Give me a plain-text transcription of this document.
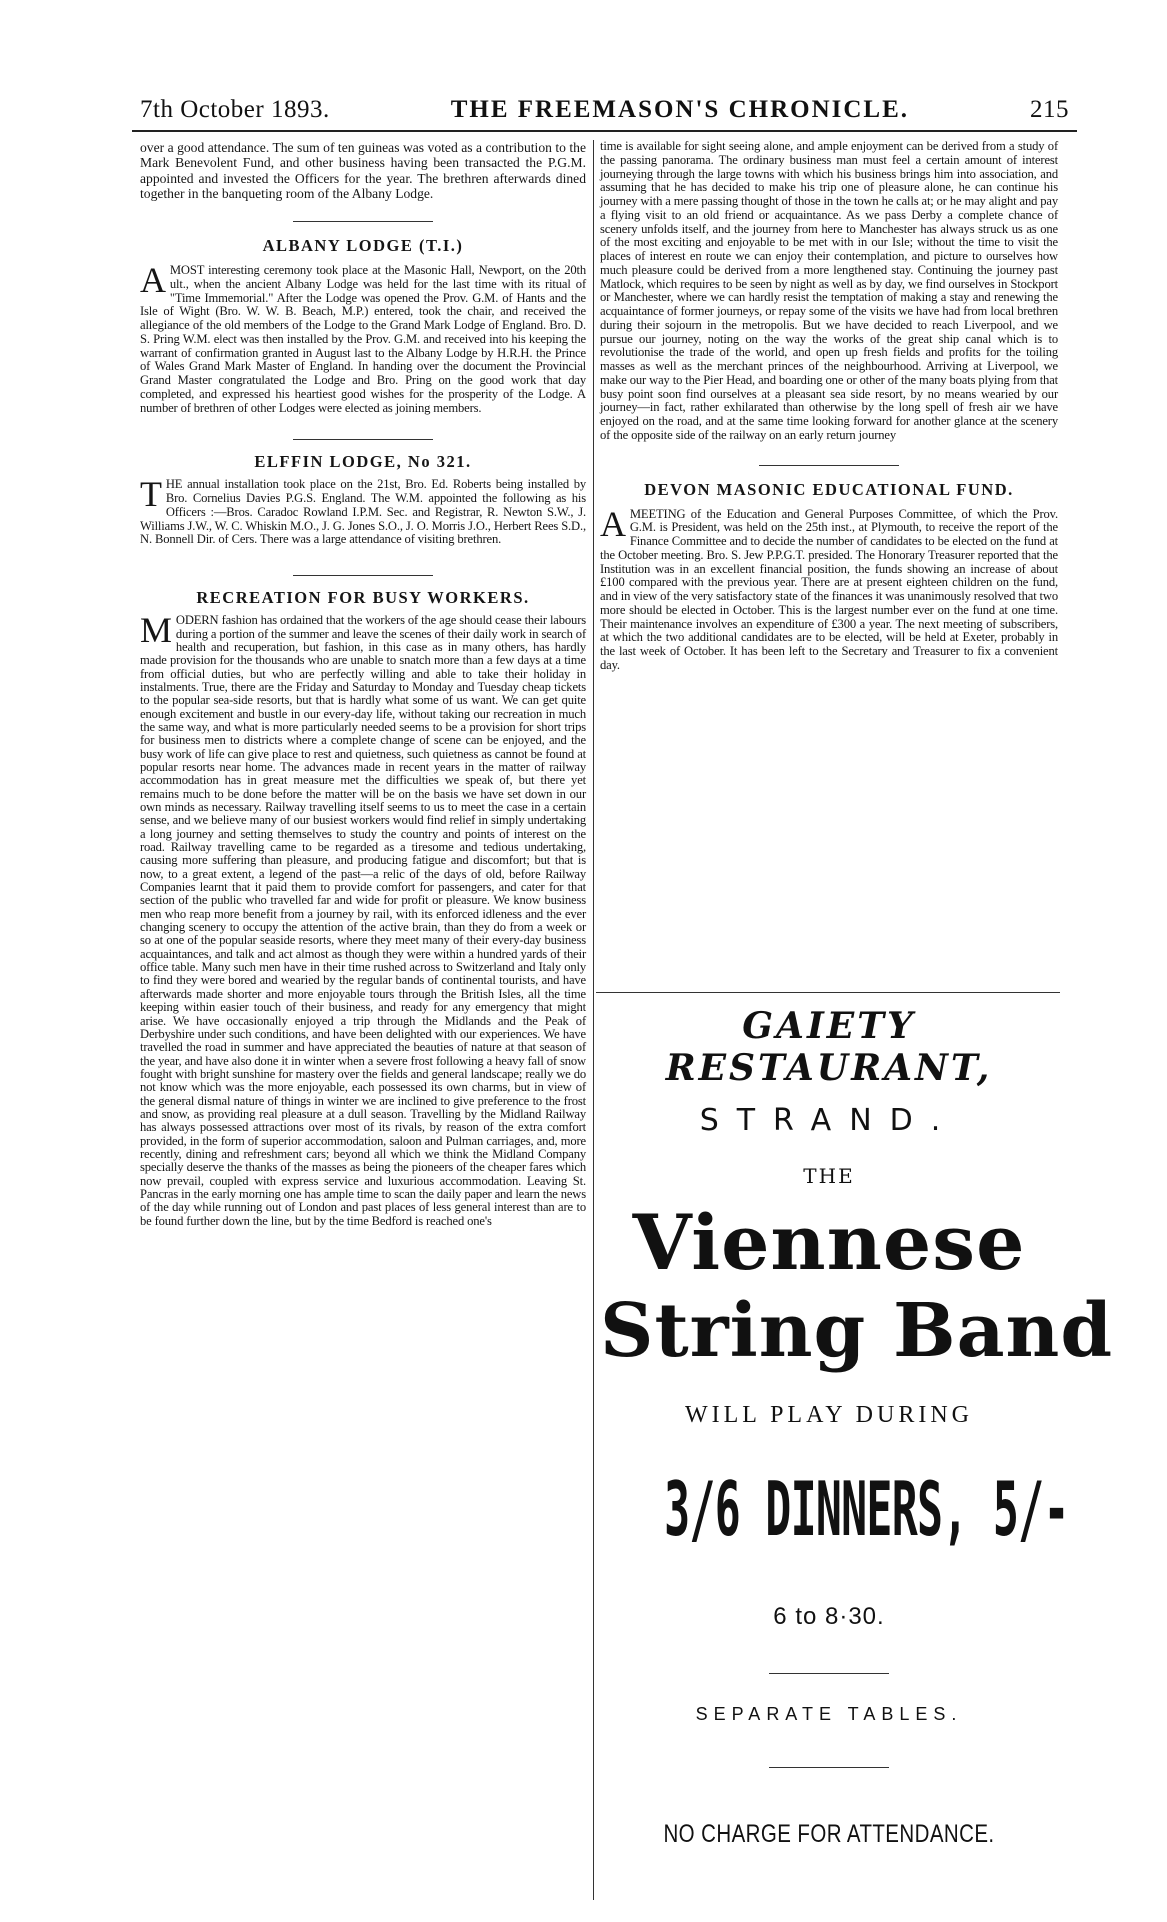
7th October 1893.	THE FREEMASON'S CHRONICLE.	215

over a good attendance. The sum of ten guineas was voted as a contribution to the Mark Benevolent Fund, and other business having been transacted the P.G.M. appointed and invested the Officers for the year. The brethren afterwards dined together in the banqueting room of the Albany Lodge.

ALBANY LODGE (T.I.)

AMOST interesting ceremony took place at the Masonic Hall, Newport, on the 20th ult., when the ancient Albany Lodge was held for the last time with its ritual of "Time Immemorial." After the Lodge was opened the Prov. G.M. of Hants and the Isle of Wight (Bro. W. W. B. Beach, M.P.) entered, took the chair, and received the allegiance of the old members of the Lodge to the Grand Mark Lodge of England. Bro. D. S. Pring W.M. elect was then installed by the Prov. G.M. and received into his keeping the warrant of confirmation granted in August last to the Albany Lodge by H.R.H. the Prince of Wales Grand Mark Master of England. In handing over the document the Provincial Grand Master congratulated the Lodge and Bro. Pring on the good work that day completed, and expressed his heartiest good wishes for the prosperity of the Lodge. A number of brethren of other Lodges were elected as joining members.

ELFFIN LODGE, No 321.

THE annual installation took place on the 21st, Bro. Ed. Roberts being installed by Bro. Cornelius Davies P.G.S. England. The W.M. appointed the following as his Officers :—Bros. Caradoc Rowland I.P.M. Sec. and Registrar, R. Newton S.W., J. Williams J.W., W. C. Whiskin M.O., J. G. Jones S.O., J. O. Morris J.O., Herbert Rees S.D., N. Bonnell Dir. of Cers. There was a large attendance of visiting brethren.

RECREATION FOR BUSY WORKERS.

MODERN fashion has ordained that the workers of the age should cease their labours during a portion of the summer and leave the scenes of their daily work in search of health and recuperation, but fashion, in this case as in many others, has hardly made provision for the thousands who are unable to snatch more than a few days at a time from official duties, but who are perfectly willing and able to take their holiday in instalments. True, there are the Friday and Saturday to Monday and Tuesday cheap tickets to the popular sea-side resorts, but that is hardly what some of us want. We can get quite enough excitement and bustle in our every-day life, without taking our recreation in much the same way, and what is more particularly needed seems to be a provision for short trips for business men to districts where a complete change of scene can be enjoyed, and the busy work of life can give place to rest and quietness, such quietness as cannot be found at popular resorts near home. The advances made in recent years in the matter of railway accommodation has in great measure met the difficulties we speak of, but there yet remains much to be done before the matter will be on the basis we have set down in our own minds as necessary. Railway travelling itself seems to us to meet the case in a certain sense, and we believe many of our busiest workers would find relief in simply undertaking a long journey and setting themselves to study the country and points of interest on the road. Railway travelling came to be regarded as a tiresome and tedious undertaking, causing more suffering than pleasure, and producing fatigue and discomfort; but that is now, to a great extent, a legend of the past—a relic of the days of old, before Railway Companies learnt that it paid them to provide comfort for passengers, and cater for that section of the public who travelled far and wide for profit or pleasure. We know business men who reap more benefit from a journey by rail, with its enforced idleness and the ever changing scenery to occupy the attention of the active brain, than they do from a week or so at one of the popular seaside resorts, where they meet many of their every-day business acquaintances, and talk and act almost as though they were within a hundred yards of their office table. Many such men have in their time rushed across to Switzerland and Italy only to find they were bored and wearied by the regular bands of continental tourists, and have afterwards made shorter and more enjoyable tours through the British Isles, all the time keeping within easier touch of their business, and ready for any emergency that might arise. We have occasionally enjoyed a trip through the Midlands and the Peak of Derbyshire under such conditions, and have been delighted with our experiences. We have travelled the road in summer and have appreciated the beauties of nature at that season of the year, and have also done it in winter when a severe frost following a heavy fall of snow fought with bright sunshine for mastery over the fields and general landscape; really we do not know which was the more enjoyable, each possessed its own charms, but in view of the general dismal nature of things in winter we are inclined to give preference to the frost and snow, as providing real pleasure at a dull season. Travelling by the Midland Railway has always possessed attractions over most of its rivals, by reason of the extra comfort provided, in the form of superior accommodation, saloon and Pulman carriages, and, more recently, dining and refreshment cars; beyond all which we think the Midland Company specially deserve the thanks of the masses as being the pioneers of the cheaper fares which now prevail, coupled with express service and luxurious accommodation. Leaving St. Pancras in the early morning one has ample time to scan the daily paper and learn the news of the day while running out of London and past places of less general interest than are to be found further down the line, but by the time Bedford is reached one's

time is available for sight seeing alone, and ample enjoyment can be derived from a study of the passing panorama. The ordinary business man must feel a certain amount of interest journeying through the large towns with which his business brings him into association, and assuming that he has decided to make his trip one of pleasure alone, he can continue his journey with a mere passing thought of those in the town he calls at; or he may alight and pay a flying visit to an old friend or acquaintance. As we pass Derby a complete chance of scenery unfolds itself, and the journey from here to Manchester has always struck us as one of the most exciting and enjoyable to be met with in our Isle; without the time to visit the places of interest en route we can enjoy their contemplation, and picture to ourselves how much pleasure could be derived from a more lengthened stay. Continuing the journey past Matlock, which requires to be seen by night as well as by day, we find ourselves in Stockport or Manchester, where we can hardly resist the temptation of making a stay and renewing the acquaintance of former journeys, or repay some of the visits we have had from local brethren during their sojourn in the metropolis. But we have decided to reach Liverpool, and we pursue our journey, noting on the way the works of the great ship canal which is to revolutionise the trade of the world, and open up fresh fields and profits for the toiling masses as well as the merchant princes of the neighbourhood. Arriving at Liverpool, we make our way to the Pier Head, and boarding one or other of the many boats plying from that busy point soon find ourselves at a pleasant sea side resort, by no means wearied by our journey—in fact, rather exhilarated than otherwise by the long spell of fresh air we have enjoyed on the road, and at the same time looking forward for another glance at the scenery of the opposite side of the railway on an early return journey

DEVON MASONIC EDUCATIONAL FUND.

AMEETING of the Education and General Purposes Committee, of which the Prov. G.M. is President, was held on the 25th inst., at Plymouth, to receive the report of the Finance Committee and to decide the number of candidates to be elected on the fund at the October meeting. Bro. S. Jew P.P.G.T. presided. The Honorary Treasurer reported that the Institution was in an excellent financial position, the funds showing an increase of about £100 compared with the previous year. There are at present eighteen children on the fund, and in view of the very satisfactory state of the finances it was unanimously resolved that two more should be elected in October. This is the largest number ever on the fund at one time. Their maintenance involves an expenditure of £300 a year. The next meeting of subscribers, at which the two additional candidates are to be elected, will be held at Exeter, probably in the last week of October. It has been left to the Secretary and Treasurer to fix a convenient day.

GAIETY RESTAURANT,
STRAND.
THE
Viennese
String Band
WILL PLAY DURING
3/6 DINNERS, 5/-
6 to 8·30.
SEPARATE TABLES.
NO CHARGE FOR ATTENDANCE.
